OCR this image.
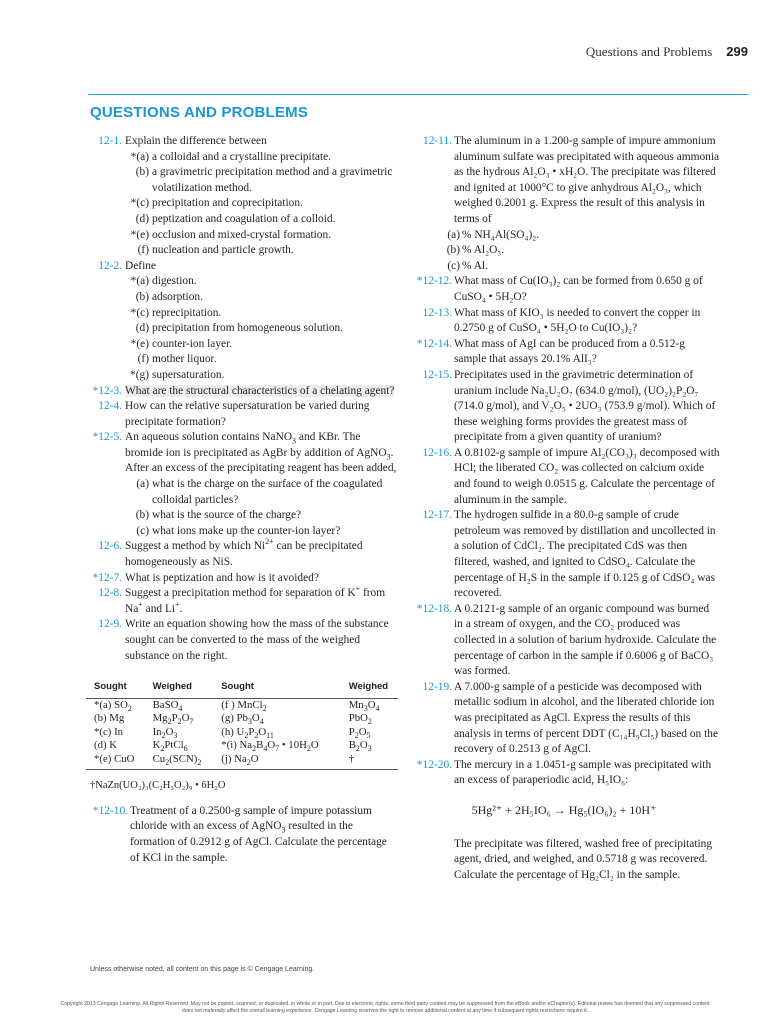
Questions and Problems 299
QUESTIONS AND PROBLEMS

12-1. Explain the difference between

*(a) a colloidal and a crystalline precipitate.

(b) a gravimetric precipitation method and a gravimetric volatilization method.

*(c) precipitation and coprecipitation.

(d) peptization and coagulation of a colloid.

*(e) occlusion and mixed-crystal formation.

(f) nucleation and particle growth.

12-2. Define

*(a) digestion.

(b) adsorption.

*(c) reprecipitation.

(d) precipitation from homogeneous solution.

*(e) counter-ion layer.

(f) mother liquor.

*(g) supersaturation.

*12-3. What are the structural characteristics of a chelating agent?

12-4. How can the relative supersaturation be varied during precipitate formation?

*12-5. An aqueous solution contains NaNO$_3$ and KBr. The bromide ion is precipitated as AgBr by addition of AgNO$_3$. After an excess of the precipitating reagent has been added,

(a) what is the charge on the surface of the coagulated colloidal particles?

(b) what is the source of the charge?

(c) what ions make up the counter-ion layer?

12-6. Suggest a method by which $Ni^{2+}$ can be precipitated homogeneously as NiS.

*12-7. What is peptization and how is it avoided?

12-8. Suggest a precipitation method for separation of K+ from Na+ and Li+.

12-9. Write an equation showing how the mass of the substance sought can be converted to the mass of the weighed substance on the right.

Sought	Weighed	Sought	Weighed
*(a) $SO_2$	BaSO$_4$	(f ) MnCl$_2$	$Mn_3O_4$
(b) Mg	$Mg_2P_2O_7$	(g) $Pb_3O_4$	PbO$_2$
*(c) In	$In_2O_3$	(h) $U_2P_2O_{11}$	$P_2O_5$
(d) K	$K_2PtCl_6$	*(i) $Na_2B_4O_7$ • $10H_2O$	$B_2O_3$
*(e) CuO	$Cu_2(SCN)_2$	(j) $Na_2O$	†
†NaZn(UO₂)₃(C₂H₃O₂)₉ • 6H₂O

*12-10. Treatment of a 0.2500-g sample of impure potassium chloride with an excess of AgNO$_3$ resulted in the formation of 0.2912 g of AgCl. Calculate the percentage of KCl in the sample.

12-11. The aluminum in a 1.200-g sample of impure ammonium aluminum sulfate was precipitated with aqueous ammonia as the hydrous Al₂O₃ • xH₂O. The precipitate was filtered and ignited at 1000°C to give anhydrous Al₂O₃, which weighed 0.2001 g. Express the result of this analysis in terms of

(a) % NH₄Al(SO₄)₂.

(b) % Al₂O₃.

(c) % Al.

*12-12. What mass of Cu(IO₃)₂ can be formed from 0.650 g of CuSO₄ • 5H₂O?

12-13. What mass of KIO₃ is needed to convert the copper in 0.2750 g of CuSO₄ • 5H₂O to Cu(IO₃)₂?

*12-14. What mass of AgI can be produced from a 0.512-g sample that assays 20.1% AlI₃?

12-15. Precipitates used in the gravimetric determination of uranium include Na₂U₂O₇ (634.0 g/mol), (UO₂)₂P₂O₇ (714.0 g/mol), and V₂O₅ • 2UO₃ (753.9 g/mol). Which of these weighing forms provides the greatest mass of precipitate from a given quantity of uranium?

12-16. A 0.8102-g sample of impure Al₂(CO₃)₃ decomposed with HCl; the liberated CO₂ was collected on calcium oxide and found to weigh 0.0515 g. Calculate the percentage of aluminum in the sample.

12-17. The hydrogen sulfide in a 80.0-g sample of crude petroleum was removed by distillation and uncollected in a solution of CdCl₂. The precipitated CdS was then filtered, washed, and ignited to CdSO₄. Calculate the percentage of H₂S in the sample if 0.125 g of CdSO₄ was recovered.

*12-18. A 0.2121-g sample of an organic compound was burned in a stream of oxygen, and the CO₂ produced was collected in a solution of barium hydroxide. Calculate the percentage of carbon in the sample if 0.6006 g of BaCO₃ was formed.

12-19. A 7.000-g sample of a pesticide was decomposed with metallic sodium in alcohol, and the liberated chloride ion was precipitated as AgCl. Express the results of this analysis in terms of percent DDT (C₁₄H₉Cl₅) based on the recovery of 0.2513 g of AgCl.

*12-20. The mercury in a 1.0451-g sample was precipitated with an excess of paraperiodic acid, H₅IO₆:

5Hg²⁺ + 2H₅IO₆ → Hg₅(IO₆)₂ + 10H⁺

The precipitate was filtered, washed free of precipitating agent, dried, and weighed, and 0.5718 g was recovered. Calculate the percentage of Hg₂Cl₂ in the sample.

Unless otherwise noted, all content on this page is © Cengage Learning.
Copyright 2013 Cengage Learning. All Rights Reserved. May not be copied, scanned, or duplicated, in whole or in part. Due to electronic rights, some third party content may be suppressed from the eBook and/or eChapter(s). Editorial review has deemed that any suppressed content does not materially affect the overall learning experience. Cengage Learning reserves the right to remove additional content at any time if subsequent rights restrictions require it.
